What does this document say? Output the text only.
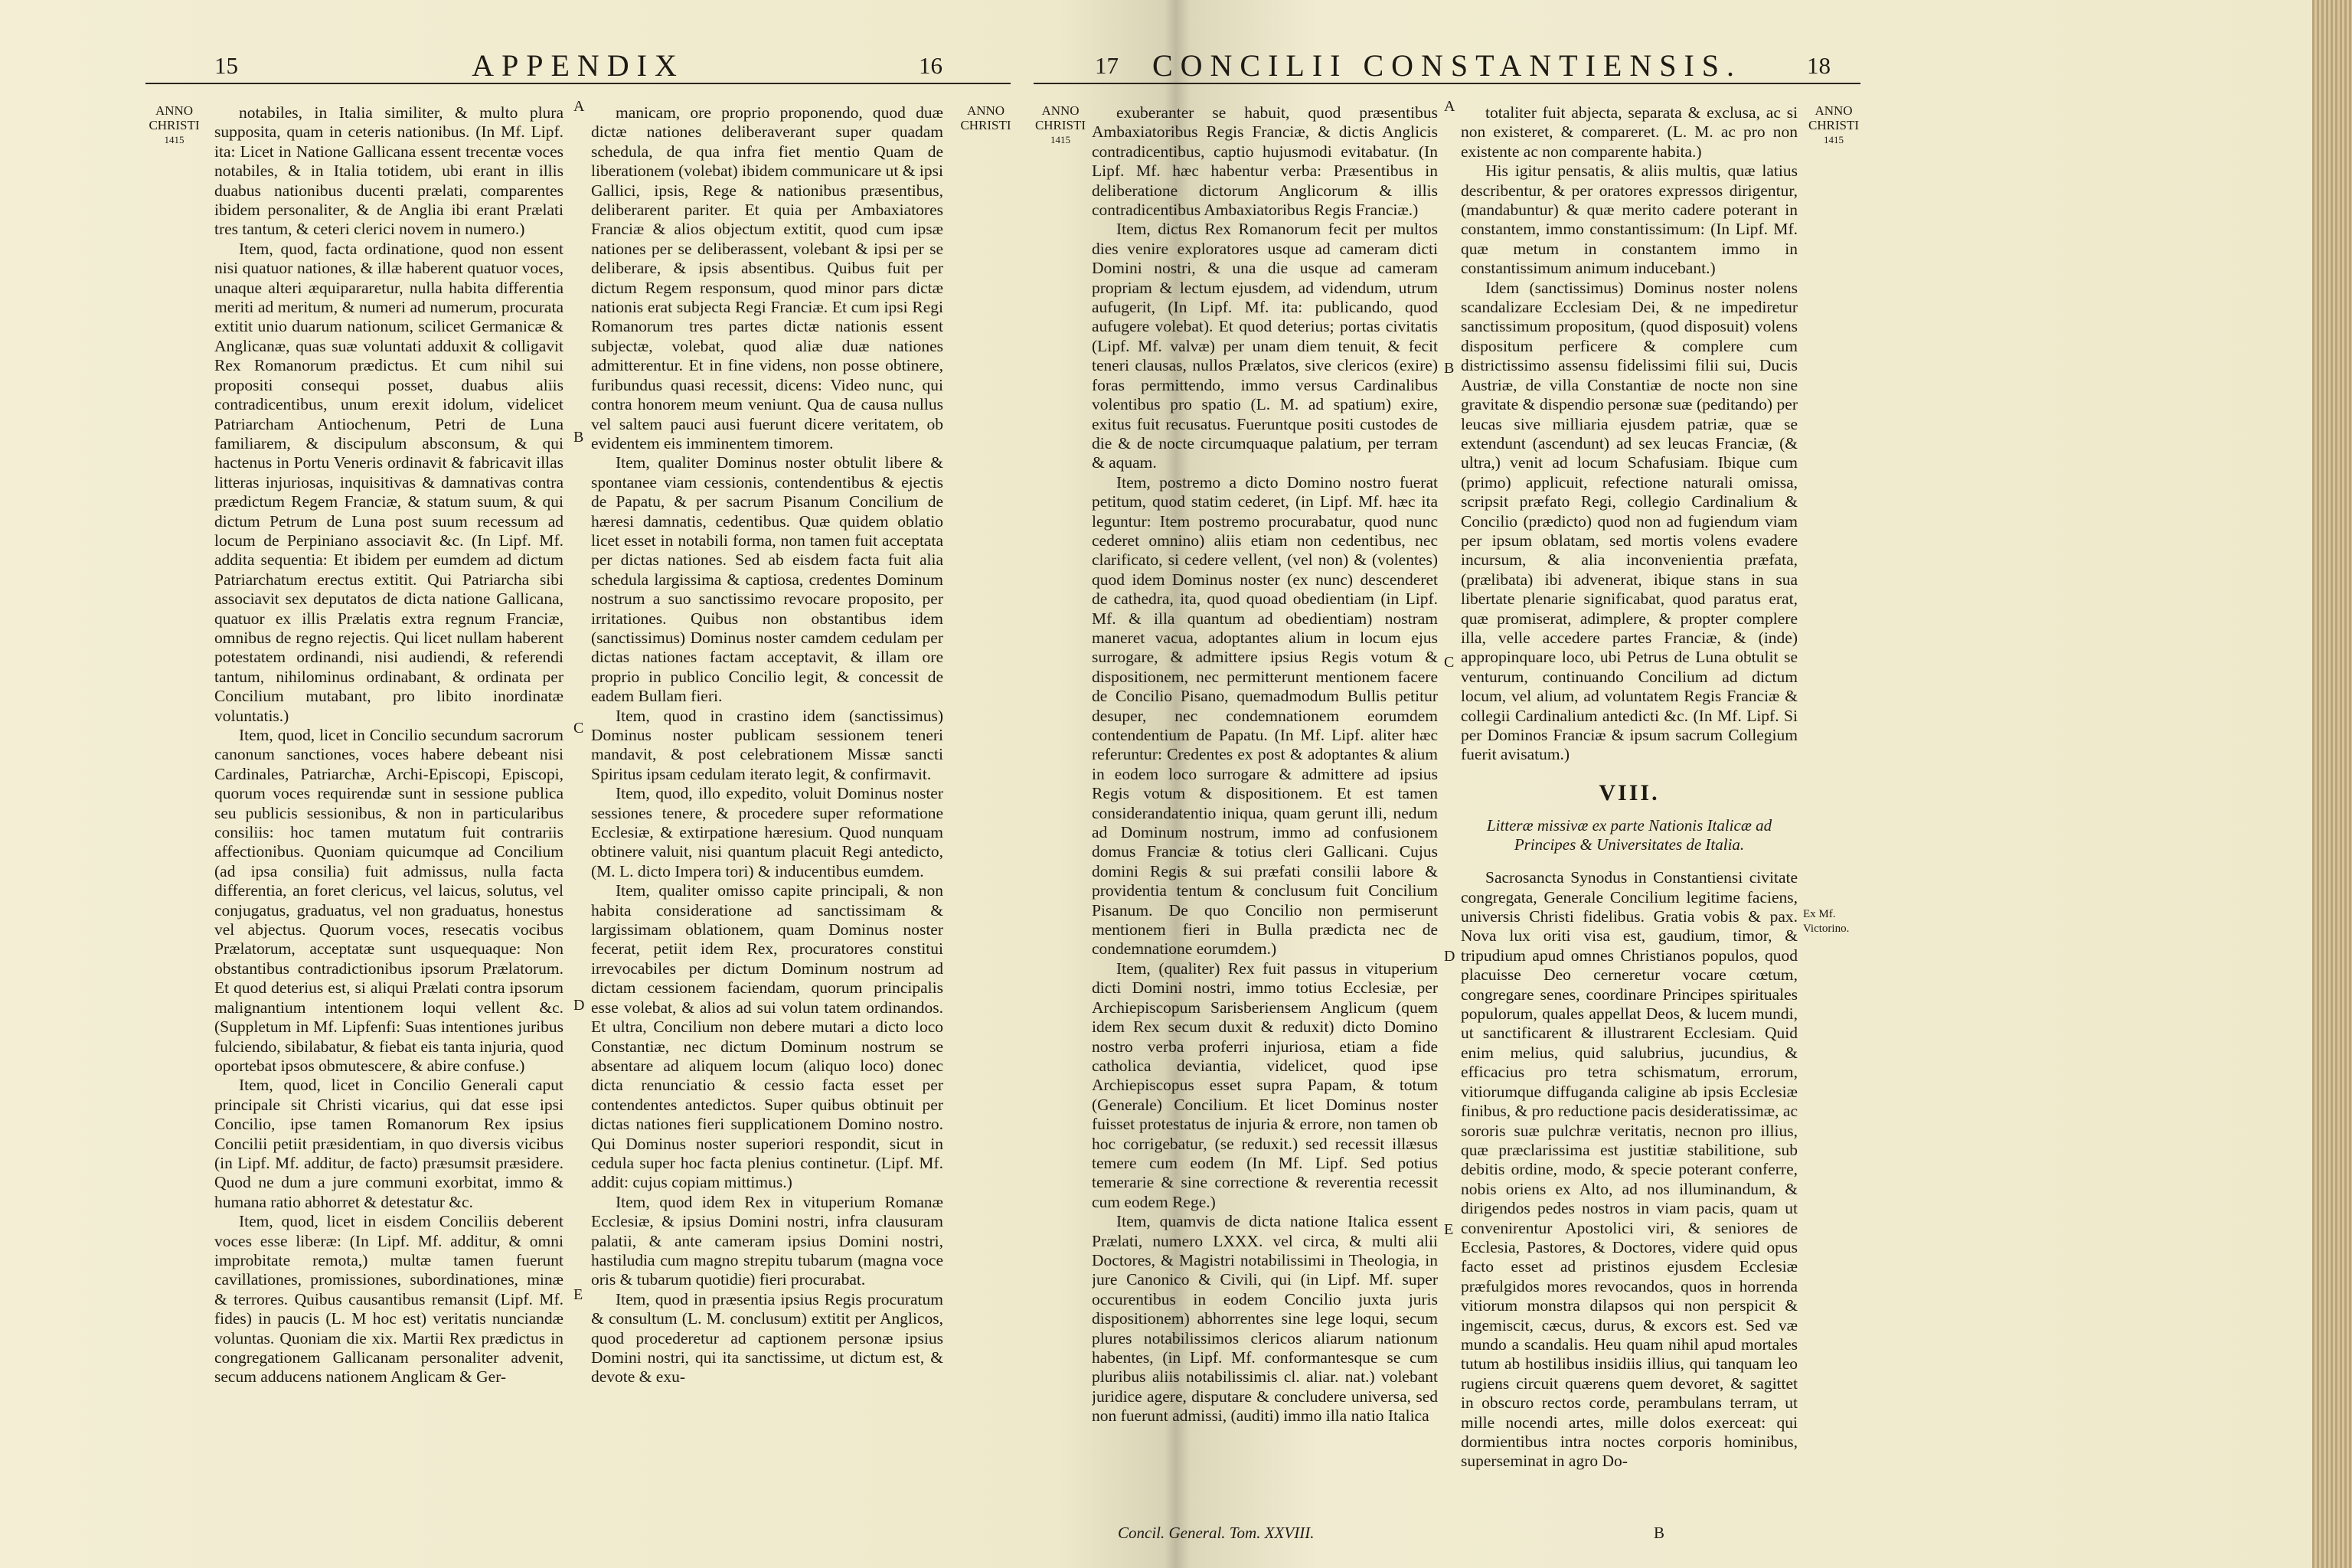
15	APPENDIX	16
ANNO
CHRISTI
1415
ANNO
CHRISTI

notabiles, in Italia similiter, & multo plura supposita, quam in ceteris nationibus. (In Mf. Lipf. ita: Licet in Natione Gallicana essent trecentæ voces notabiles, & in Italia totidem, ubi erant in illis duabus nationibus ducenti prælati, comparentes ibidem personaliter, & de Anglia ibi erant Prælati tres tantum, & ceteri clerici novem in numero.)

Item, quod, facta ordinatione, quod non essent nisi quatuor nationes, & illæ haberent quatuor voces, unaque alteri æquipararetur, nulla habita differentia meriti ad meritum, & numeri ad numerum, procurata extitit unio duarum nationum, scilicet Germanicæ & Anglicanæ, quas suæ voluntati adduxit & colligavit Rex Romanorum prædictus. Et cum nihil sui propositi consequi posset, duabus aliis contradicentibus, unum erexit idolum, videlicet Patriarcham Antiochenum, Petri de Luna familiarem, & discipulum absconsum, & qui hactenus in Portu Veneris ordinavit & fabricavit illas litteras injuriosas, inquisitivas & damnativas contra prædictum Regem Franciæ, & statum suum, & qui dictum Petrum de Luna post suum recessum ad locum de Perpiniano associavit &c. (In Lipf. Mf. addita sequentia: Et ibidem per eumdem ad dictum Patriarchatum erectus extitit. Qui Patriarcha sibi associavit sex deputatos de dicta natione Gallicana, quatuor ex illis Prælatis extra regnum Franciæ, omnibus de regno rejectis. Qui licet nullam haberent potestatem ordinandi, nisi audiendi, & referendi tantum, nihilominus ordinabant, & ordinata per Concilium mutabant, pro libito inordinatæ voluntatis.)

Item, quod, licet in Concilio secundum sacrorum canonum sanctiones, voces habere debeant nisi Cardinales, Patriarchæ, Archi-Episcopi, Episcopi, quorum voces requirendæ sunt in sessione publica seu publicis sessionibus, & non in particularibus consiliis: hoc tamen mutatum fuit contrariis affectionibus. Quoniam quicumque ad Concilium (ad ipsa consilia) fuit admissus, nulla facta differentia, an foret clericus, vel laicus, solutus, vel conjugatus, graduatus, vel non graduatus, honestus vel abjectus. Quorum voces, resecatis vocibus Prælatorum, acceptatæ sunt usquequaque: Non obstantibus contradictionibus ipsorum Prælatorum. Et quod deterius est, si aliqui Prælati contra ipsorum malignantium intentionem loqui vellent &c. (Suppletum in Mf. Lipfenfi: Suas intentiones juribus fulciendo, sibilabatur, & fiebat eis tanta injuria, quod oportebat ipsos obmutescere, & abire confuse.)

Item, quod, licet in Concilio Generali caput principale sit Christi vicarius, qui dat esse ipsi Concilio, ipse tamen Romanorum Rex ipsius Concilii petiit præsidentiam, in quo diversis vicibus (in Lipf. Mf. additur, de facto) præsumsit præsidere. Quod ne dum a jure communi exorbitat, immo & humana ratio abhorret & detestatur &c.

Item, quod, licet in eisdem Conciliis deberent voces esse liberæ: (In Lipf. Mf. additur, & omni improbitate remota,) multæ tamen fuerunt cavillationes, promissiones, subordinationes, minæ & terrores. Quibus causantibus remansit (Lipf. Mf. fides) in paucis (L. M hoc est) veritatis nunciandæ voluntas. Quoniam die xix. Martii Rex prædictus in congregationem Gallicanam personaliter advenit, secum adducens nationem Anglicam & Ger-

manicam, ore proprio proponendo, quod duæ dictæ nationes deliberaverant super quadam schedula, de qua infra fiet mentio Quam de liberationem (volebat) ibidem communicare ut & ipsi Gallici, ipsis, Rege & nationibus præsentibus, deliberarent pariter. Et quia per Ambaxiatores Franciæ & alios objectum extitit, quod cum ipsæ nationes per se deliberassent, volebant & ipsi per se deliberare, & ipsis absentibus. Quibus fuit per dictum Regem responsum, quod minor pars dictæ nationis erat subjecta Regi Franciæ. Et cum ipsi Regi Romanorum tres partes dictæ nationis essent subjectæ, volebat, quod aliæ duæ nationes admitterentur. Et in fine videns, non posse obtinere, furibundus quasi recessit, dicens: Video nunc, qui contra honorem meum veniunt. Qua de causa nullus vel saltem pauci ausi fuerunt dicere veritatem, ob evidentem eis imminentem timorem.

Item, qualiter Dominus noster obtulit libere & spontanee viam cessionis, contendentibus & ejectis de Papatu, & per sacrum Pisanum Concilium de hæresi damnatis, cedentibus. Quæ quidem oblatio licet esset in notabili forma, non tamen fuit acceptata per dictas nationes. Sed ab eisdem facta fuit alia schedula largissima & captiosa, credentes Dominum nostrum a suo sanctissimo revocare proposito, per irritationes. Quibus non obstantibus idem (sanctissimus) Dominus noster camdem cedulam per dictas nationes factam acceptavit, & illam ore proprio in publico Concilio legit, & concessit de eadem Bullam fieri.

Item, quod in crastino idem (sanctissimus) Dominus noster publicam sessionem teneri mandavit, & post celebrationem Missæ sancti Spiritus ipsam cedulam iterato legit, & confirmavit.

Item, quod, illo expedito, voluit Dominus noster sessiones tenere, & procedere super reformatione Ecclesiæ, & extirpatione hæresium. Quod nunquam obtinere valuit, nisi quantum placuit Regi antedicto, (M. L. dicto Impera tori) & inducentibus eumdem.

Item, qualiter omisso capite principali, & non habita consideratione ad sanctissimam & largissimam oblationem, quam Dominus noster fecerat, petiit idem Rex, procuratores constitui irrevocabiles per dictum Dominum nostrum ad dictam cessionem faciendam, quorum principalis esse volebat, & alios ad sui volun tatem ordinandos. Et ultra, Concilium non debere mutari a dicto loco Constantiæ, nec dictum Dominum nostrum se absentare ad aliquem locum (aliquo loco) donec dicta renunciatio & cessio facta esset per contendentes antedictos. Super quibus obtinuit per dictas nationes fieri supplicationem Domino nostro. Qui Dominus noster superiori respondit, sicut in cedula super hoc facta plenius continetur. (Lipf. Mf. addit: cujus copiam mittimus.)

Item, quod idem Rex in vituperium Romanæ Ecclesiæ, & ipsius Domini nostri, infra clausuram palatii, & ante cameram ipsius Domini nostri, hastiludia cum magno strepitu tubarum (magna voce oris & tubarum quotidie) fieri procurabat.

Item, quod in præsentia ipsius Regis procuratum & consultum (L. M. conclusum) extitit per Anglicos, quod procederetur ad captionem personæ ipsius Domini nostri, qui ita sanctissime, ut dictum est, & devote & exu-

A
B
C
D
E
17	CONCILII CONSTANTIENSIS.	18
ANNO
CHRISTI
1415
ANNO
CHRISTI
1415
Ex Mf. Victorino.

exuberanter se habuit, quod præsentibus Ambaxiatoribus Regis Franciæ, & dictis Anglicis contradicentibus, captio hujusmodi evitabatur. (In Lipf. Mf. hæc habentur verba: Præsentibus in deliberatione dictorum Anglicorum & illis contradicentibus Ambaxiatoribus Regis Franciæ.)

Item, dictus Rex Romanorum fecit per multos dies venire exploratores usque ad cameram dicti Domini nostri, & una die usque ad cameram propriam & lectum ejusdem, ad videndum, utrum aufugerit, (In Lipf. Mf. ita: publicando, quod aufugere volebat). Et quod deterius; portas civitatis (Lipf. Mf. valvæ) per unam diem tenuit, & fecit teneri clausas, nullos Prælatos, sive clericos (exire) foras permittendo, immo versus Cardinalibus volentibus pro spatio (L. M. ad spatium) exire, exitus fuit recusatus. Fueruntque positi custodes de die & de nocte circumquaque palatium, per terram & aquam.

Item, postremo a dicto Domino nostro fuerat petitum, quod statim cederet, (in Lipf. Mf. hæc ita leguntur: Item postremo procurabatur, quod nunc cederet omnino) aliis etiam non cedentibus, nec clarificato, si cedere vellent, (vel non) & (volentes) quod idem Dominus noster (ex nunc) descenderet de cathedra, ita, quod quoad obedientiam (in Lipf. Mf. & illa quantum ad obedientiam) nostram maneret vacua, adoptantes alium in locum ejus surrogare, & admittere ipsius Regis votum & dispositionem, nec permitterunt mentionem facere de Concilio Pisano, quemadmodum Bullis petitur desuper, nec condemnationem eorumdem contendentium de Papatu. (In Mf. Lipf. aliter hæc referuntur: Credentes ex post & adoptantes & alium in eodem loco surrogare & admittere ad ipsius Regis votum & dispositionem. Et est tamen considerandatentio iniqua, quam gerunt illi, nedum ad Dominum nostrum, immo ad confusionem domus Franciæ & totius cleri Gallicani. Cujus domini Regis & sui præfati consilii labore & providentia tentum & conclusum fuit Concilium Pisanum. De quo Concilio non permiserunt mentionem fieri in Bulla prædicta nec de condemnatione eorumdem.)

Item, (qualiter) Rex fuit passus in vituperium dicti Domini nostri, immo totius Ecclesiæ, per Archiepiscopum Sarisberiensem Anglicum (quem idem Rex secum duxit & reduxit) dicto Domino nostro verba proferri injuriosa, etiam a fide catholica deviantia, videlicet, quod ipse Archiepiscopus esset supra Papam, & totum (Generale) Concilium. Et licet Dominus noster fuisset protestatus de injuria & errore, non tamen ob hoc corrigebatur, (se reduxit.) sed recessit illæsus temere cum eodem (In Mf. Lipf. Sed potius temerarie & sine correctione & reverentia recessit cum eodem Rege.)

Item, quamvis de dicta natione Italica essent Prælati, numero LXXX. vel circa, & multi alii Doctores, & Magistri notabilissimi in Theologia, in jure Canonico & Civili, qui (in Lipf. Mf. super occurentibus in eodem Concilio juxta juris dispositionem) abhorrentes sine lege loqui, secum plures notabilissimos clericos aliarum nationum habentes, (in Lipf. Mf. conformantesque se cum pluribus aliis notabilissimis cl. aliar. nat.) volebant juridice agere, disputare & concludere universa, sed non fuerunt admissi, (auditi) immo illa natio Italica

totaliter fuit abjecta, separata & exclusa, ac si non existeret, & compareret. (L. M. ac pro non existente ac non comparente habita.)

His igitur pensatis, & aliis multis, quæ latius describentur, & per oratores expressos dirigentur, (mandabuntur) & quæ merito cadere poterant in constantem, immo constantissimum: (In Lipf. Mf. quæ metum in constantem immo in constantissimum animum inducebant.)

Idem (sanctissimus) Dominus noster nolens scandalizare Ecclesiam Dei, & ne impediretur sanctissimum propositum, (quod disposuit) volens dispositum perficere & complere cum districtissimo assensu fidelissimi filii sui, Ducis Austriæ, de villa Constantiæ de nocte non sine gravitate & dispendio personæ suæ (peditando) per leucas sive milliaria ejusdem patriæ, quæ se extendunt (ascendunt) ad sex leucas Franciæ, (& ultra,) venit ad locum Schafusiam. Ibique cum (primo) applicuit, refectione naturali omissa, scripsit præfato Regi, collegio Cardinalium & Concilio (prædicto) quod non ad fugiendum viam per ipsum oblatam, sed mortis volens evadere incursum, & alia inconvenientia præfata, (prælibata) ibi advenerat, ibique stans in sua libertate plenarie significabat, quod paratus erat, quæ promiserat, adimplere, & propter complere illa, velle accedere partes Franciæ, & (inde) appropinquare loco, ubi Petrus de Luna obtulit se venturum, continuando Concilium ad dictum locum, vel alium, ad voluntatem Regis Franciæ & collegii Cardinalium antedicti &c. (In Mf. Lipf. Si per Dominos Franciæ & ipsum sacrum Collegium fuerit avisatum.)

VIII.
Litteræ missivæ ex parte Nationis Italicæ ad Principes & Universitates de Italia.

Sacrosancta Synodus in Constantiensi civitate congregata, Generale Concilium legitime faciens, universis Christi fidelibus. Gratia vobis & pax. Nova lux oriti visa est, gaudium, timor, & tripudium apud omnes Christianos populos, quod placuisse Deo cerneretur vocare cœtum, congregare senes, coordinare Principes spirituales populorum, quales appellat Deos, & lucem mundi, ut sanctificarent & illustrarent Ecclesiam. Quid enim melius, quid salubrius, jucundius, & efficacius pro tetra schismatum, errorum, vitiorumque diffuganda caligine ab ipsis Ecclesiæ finibus, & pro reductione pacis desideratissimæ, ac sororis suæ pulchræ veritatis, necnon pro illius, quæ præclarissima est justitiæ stabilitione, sub debitis ordine, modo, & specie poterant conferre, nobis oriens ex Alto, ad nos illuminandum, & dirigendos pedes nostros in viam pacis, quam ut convenirentur Apostolici viri, & seniores de Ecclesia, Pastores, & Doctores, videre quid opus facto esset ad pristinos ejusdem Ecclesiæ præfulgidos mores revocandos, quos in horrenda vitiorum monstra dilapsos qui non perspicit & ingemiscit, cæcus, durus, & excors est. Sed væ mundo a scandalis. Heu quam nihil apud mortales tutum ab hostilibus insidiis illius, qui tanquam leo rugiens circuit quærens quem devoret, & sagittet in obscuro rectos corde, perambulans terram, ut mille nocendi artes, mille dolos exerceat: qui dormientibus intra noctes corporis hominibus, superseminat in agro Do-

A
B
C
D
E
Concil. General. Tom. XXVIII.	B
